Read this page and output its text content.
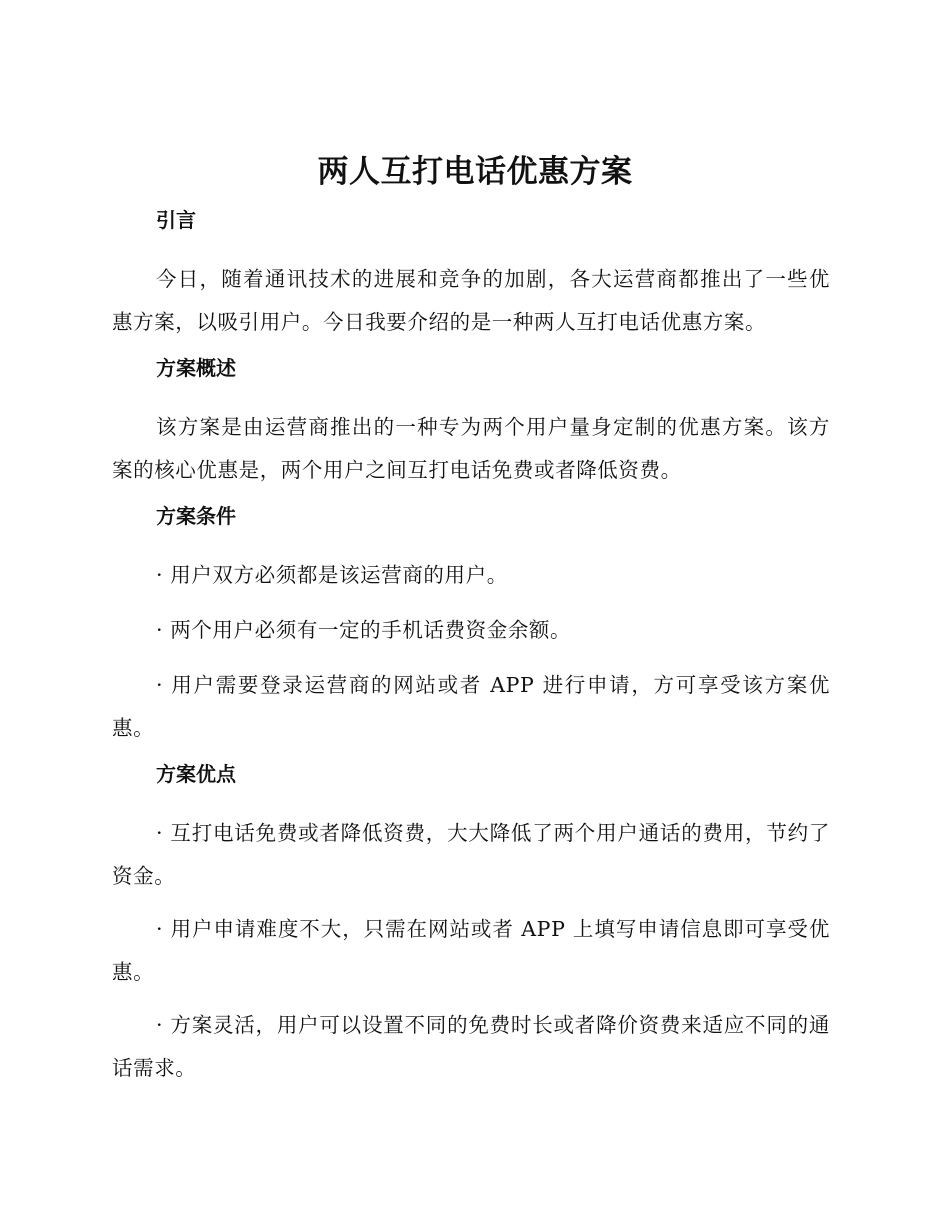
两人互打电话优惠方案
引言

今日，随着通讯技术的进展和竞争的加剧，各大运营商都推出了一些优惠方案，以吸引用户。今日我要介绍的是一种两人互打电话优惠方案。

方案概述

该方案是由运营商推出的一种专为两个用户量身定制的优惠方案。该方案的核心优惠是，两个用户之间互打电话免费或者降低资费。

方案条件

· 用户双方必须都是该运营商的用户。

· 两个用户必须有一定的手机话费资金余额。

· 用户需要登录运营商的网站或者 APP 进行申请，方可享受该方案优惠。

方案优点

· 互打电话免费或者降低资费，大大降低了两个用户通话的费用，节约了资金。

· 用户申请难度不大，只需在网站或者 APP 上填写申请信息即可享受优惠。

· 方案灵活，用户可以设置不同的免费时长或者降价资费来适应不同的通话需求。
